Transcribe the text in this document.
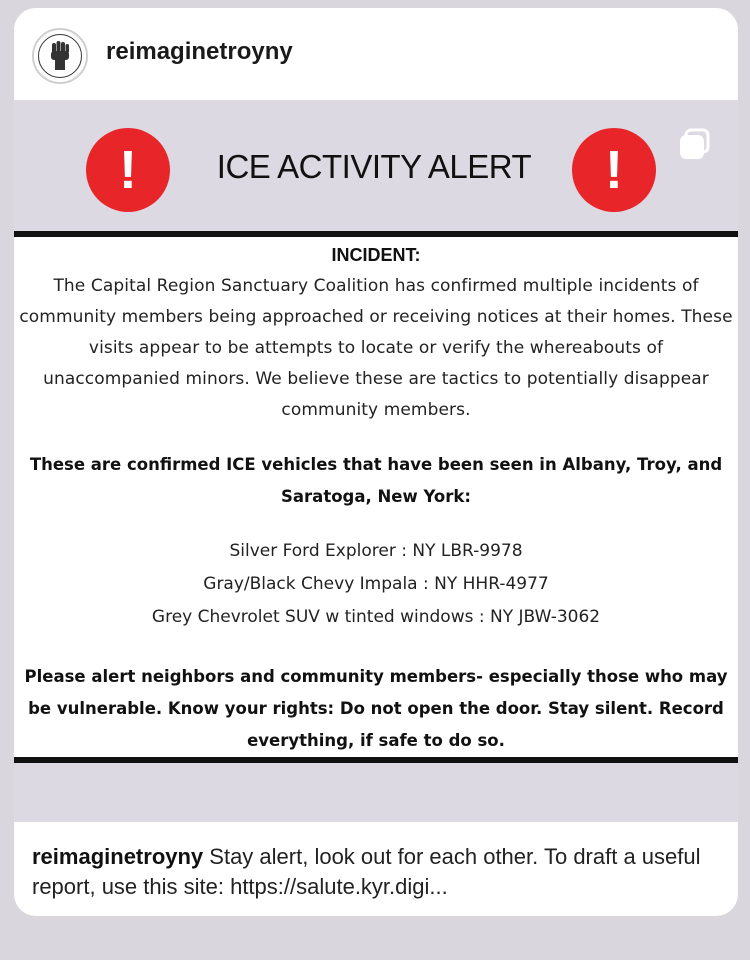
reimaginetroyny
!	ICE ACTIVITY ALERT	!
INCIDENT:
The Capital Region Sanctuary Coalition has confirmed multiple incidents of community members being approached or receiving notices at their homes. These visits appear to be attempts to locate or verify the whereabouts of unaccompanied minors. We believe these are tactics to potentially disappear community members.
These are confirmed ICE vehicles that have been seen in Albany, Troy, and Saratoga, New York:
Silver Ford Explorer : NY LBR-9978
Gray/Black Chevy Impala : NY HHR-4977
Grey Chevrolet SUV w tinted windows : NY JBW-3062
Please alert neighbors and community members- especially those who may be vulnerable. Know your rights: Do not open the door. Stay silent. Record everything, if safe to do so.
reimaginetroyny Stay alert, look out for each other. To draft a useful report, use this site: https://salute.kyr.digi...
